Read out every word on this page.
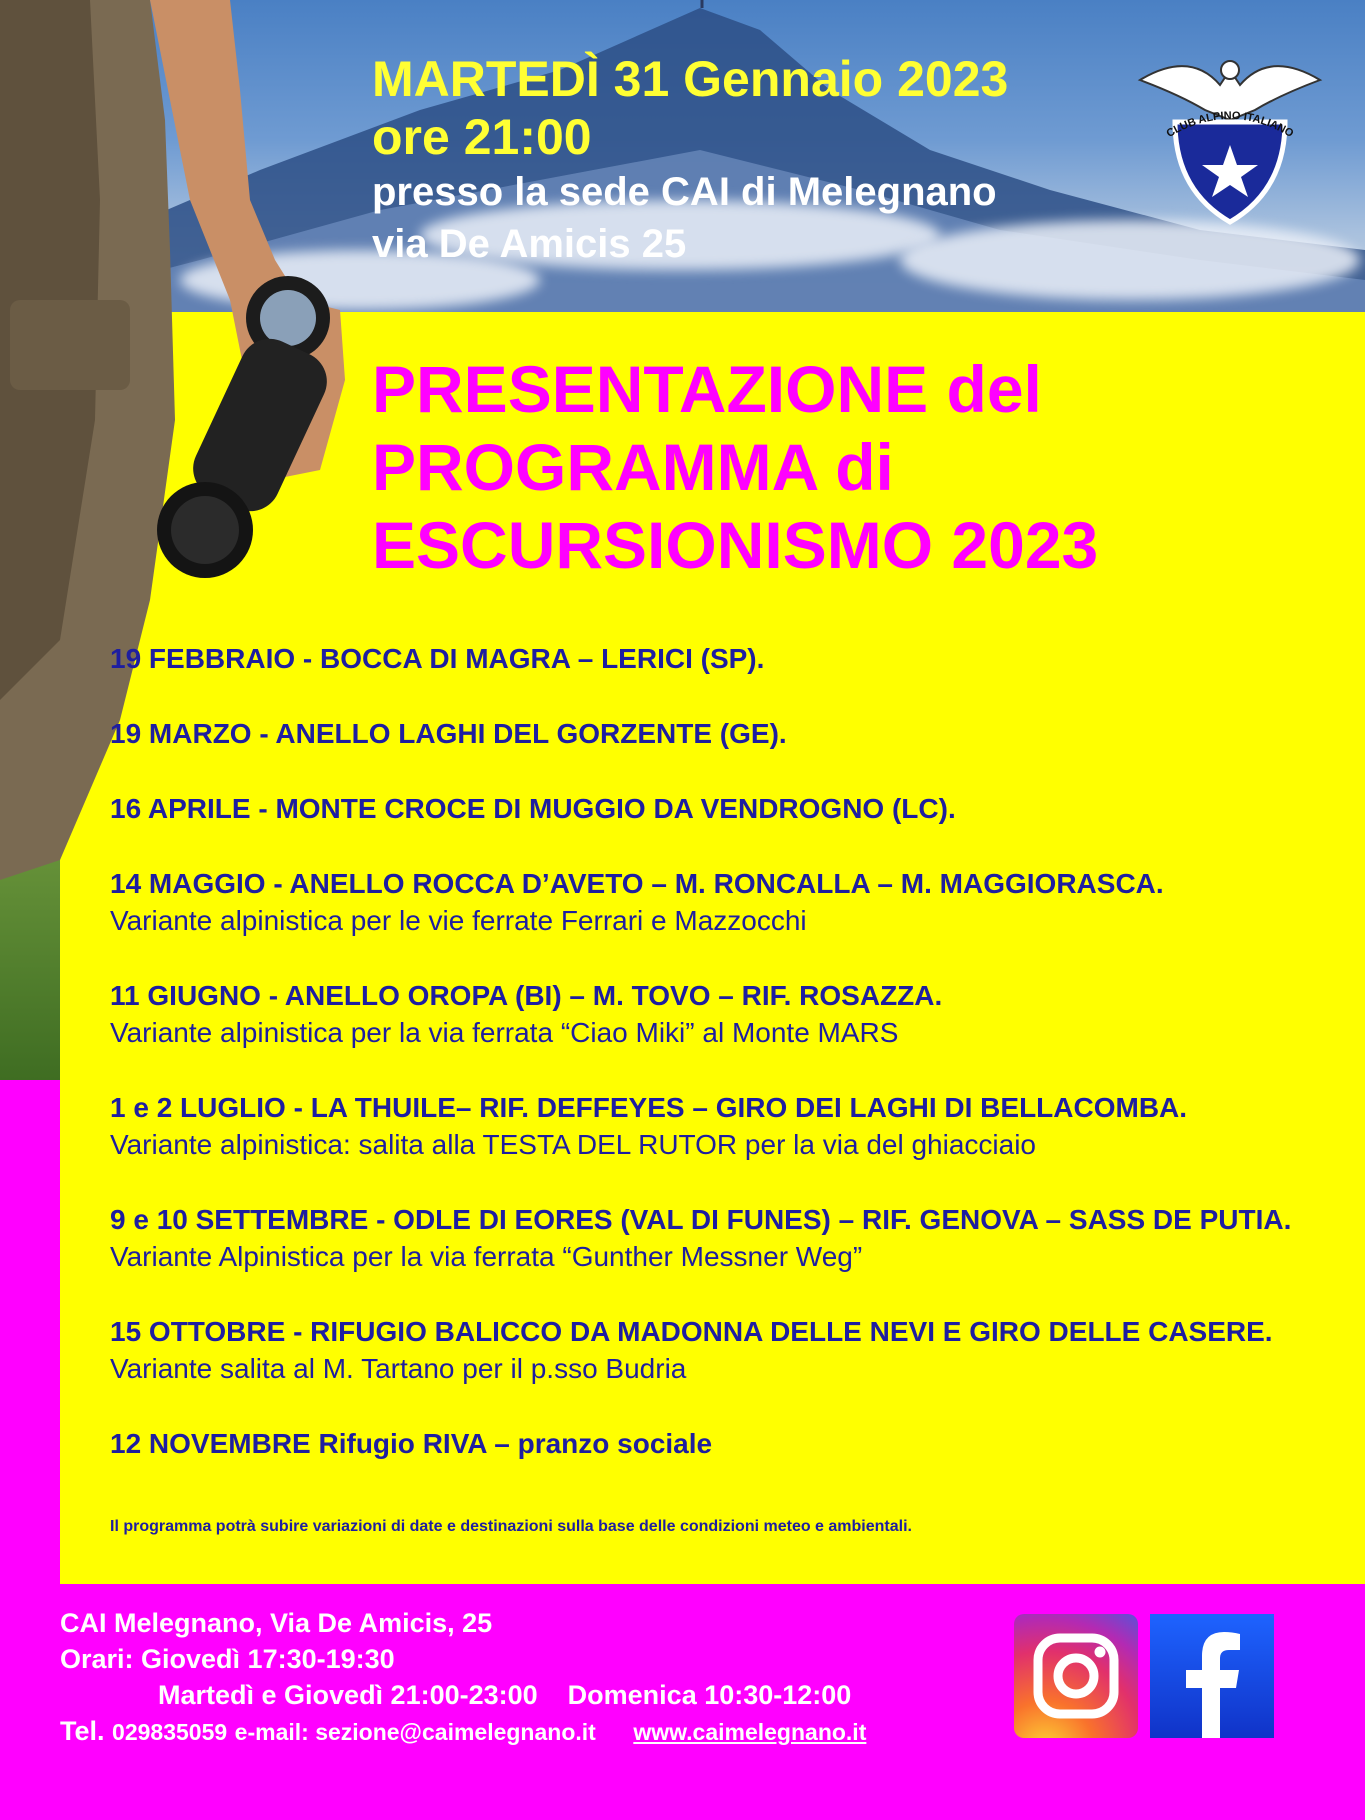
MARTEDÌ 31 Gennaio 2023

ore 21:00

presso la sede CAI di Melegnano

via De Amicis 25

CLUB ALPINO ITALIANO
PRESENTAZIONE del
PROGRAMMA di
ESCURSIONISMO 2023

19 FEBBRAIO - BOCCA DI MAGRA – LERICI (SP).

19 MARZO - ANELLO LAGHI DEL GORZENTE (GE).

16 APRILE - MONTE CROCE DI MUGGIO DA VENDROGNO (LC).

14 MAGGIO - ANELLO ROCCA D’AVETO – M. RONCALLA – M. MAGGIORASCA.
Variante alpinistica per le vie ferrate Ferrari e Mazzocchi

11 GIUGNO - ANELLO OROPA (BI) – M. TOVO – RIF. ROSAZZA.
Variante alpinistica per la via ferrata “Ciao Miki” al Monte MARS

1 e 2 LUGLIO - LA THUILE– RIF. DEFFEYES – GIRO DEI LAGHI DI BELLACOMBA.
Variante alpinistica: salita alla TESTA DEL RUTOR per la via del ghiacciaio

9 e 10 SETTEMBRE - ODLE DI EORES (VAL DI FUNES) – RIF. GENOVA – SASS DE PUTIA. Variante Alpinistica per la via ferrata “Gunther Messner Weg”

15 OTTOBRE - RIFUGIO BALICCO DA MADONNA DELLE NEVI E GIRO DELLE CASERE. Variante salita al M. Tartano per il p.sso Budria

12 NOVEMBRE Rifugio RIVA – pranzo sociale

Il programma potrà subire variazioni di date e destinazioni sulla base delle condizioni meteo e ambientali.
CAI Melegnano, Via De Amicis, 25
Orari: Giovedì 17:30-19:30
Martedì e Giovedì 21:00-23:00 Domenica 10:30-12:00
Tel. 029835059 e-mail: sezione@caimelegnano.it www.caimelegnano.it
